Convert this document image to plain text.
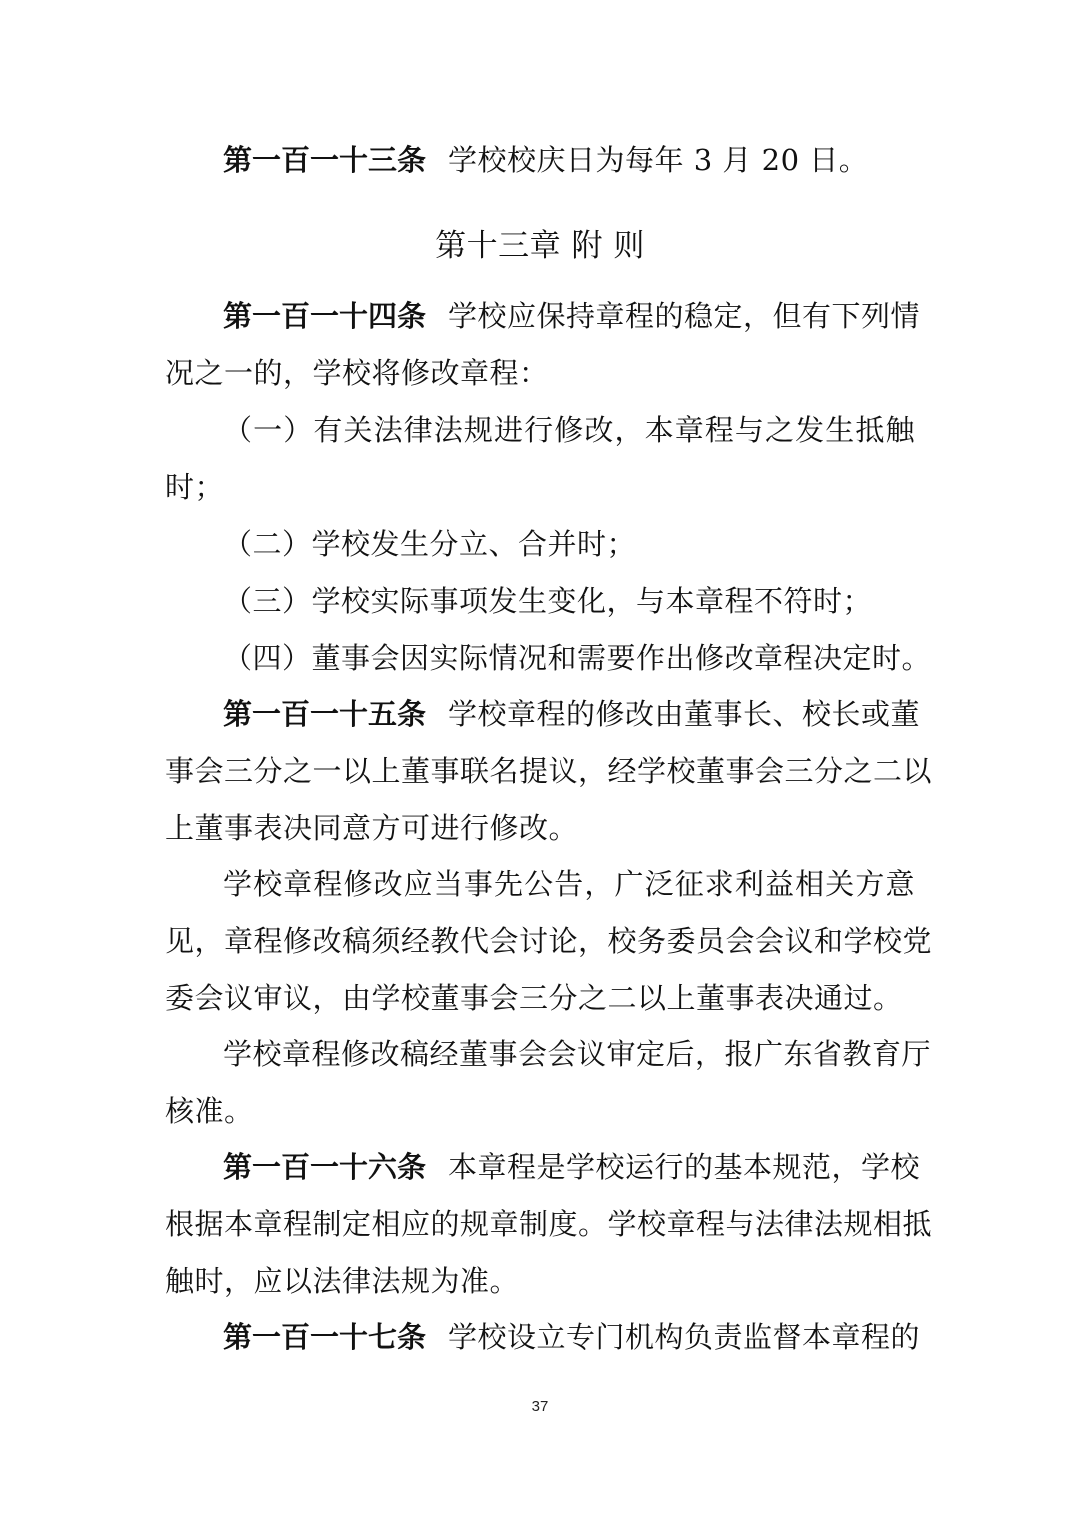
第一百一十三条 学校校庆日为每年 3 月 20 日。
第十三章 附 则
第一百一十四条 学校应保持章程的稳定，但有下列情
况之一的，学校将修改章程：
（一）有关法律法规进行修改，本章程与之发生抵触
时；
（二）学校发生分立、合并时；
（三）学校实际事项发生变化，与本章程不符时；
（四）董事会因实际情况和需要作出修改章程决定时。
第一百一十五条 学校章程的修改由董事长、校长或董
事会三分之一以上董事联名提议，经学校董事会三分之二以
上董事表决同意方可进行修改。
学校章程修改应当事先公告，广泛征求利益相关方意
见，章程修改稿须经教代会讨论，校务委员会会议和学校党
委会议审议，由学校董事会三分之二以上董事表决通过。
学校章程修改稿经董事会会议审定后，报广东省教育厅
核准。
第一百一十六条 本章程是学校运行的基本规范，学校
根据本章程制定相应的规章制度。学校章程与法律法规相抵
触时，应以法律法规为准。
第一百一十七条 学校设立专门机构负责监督本章程的
37
